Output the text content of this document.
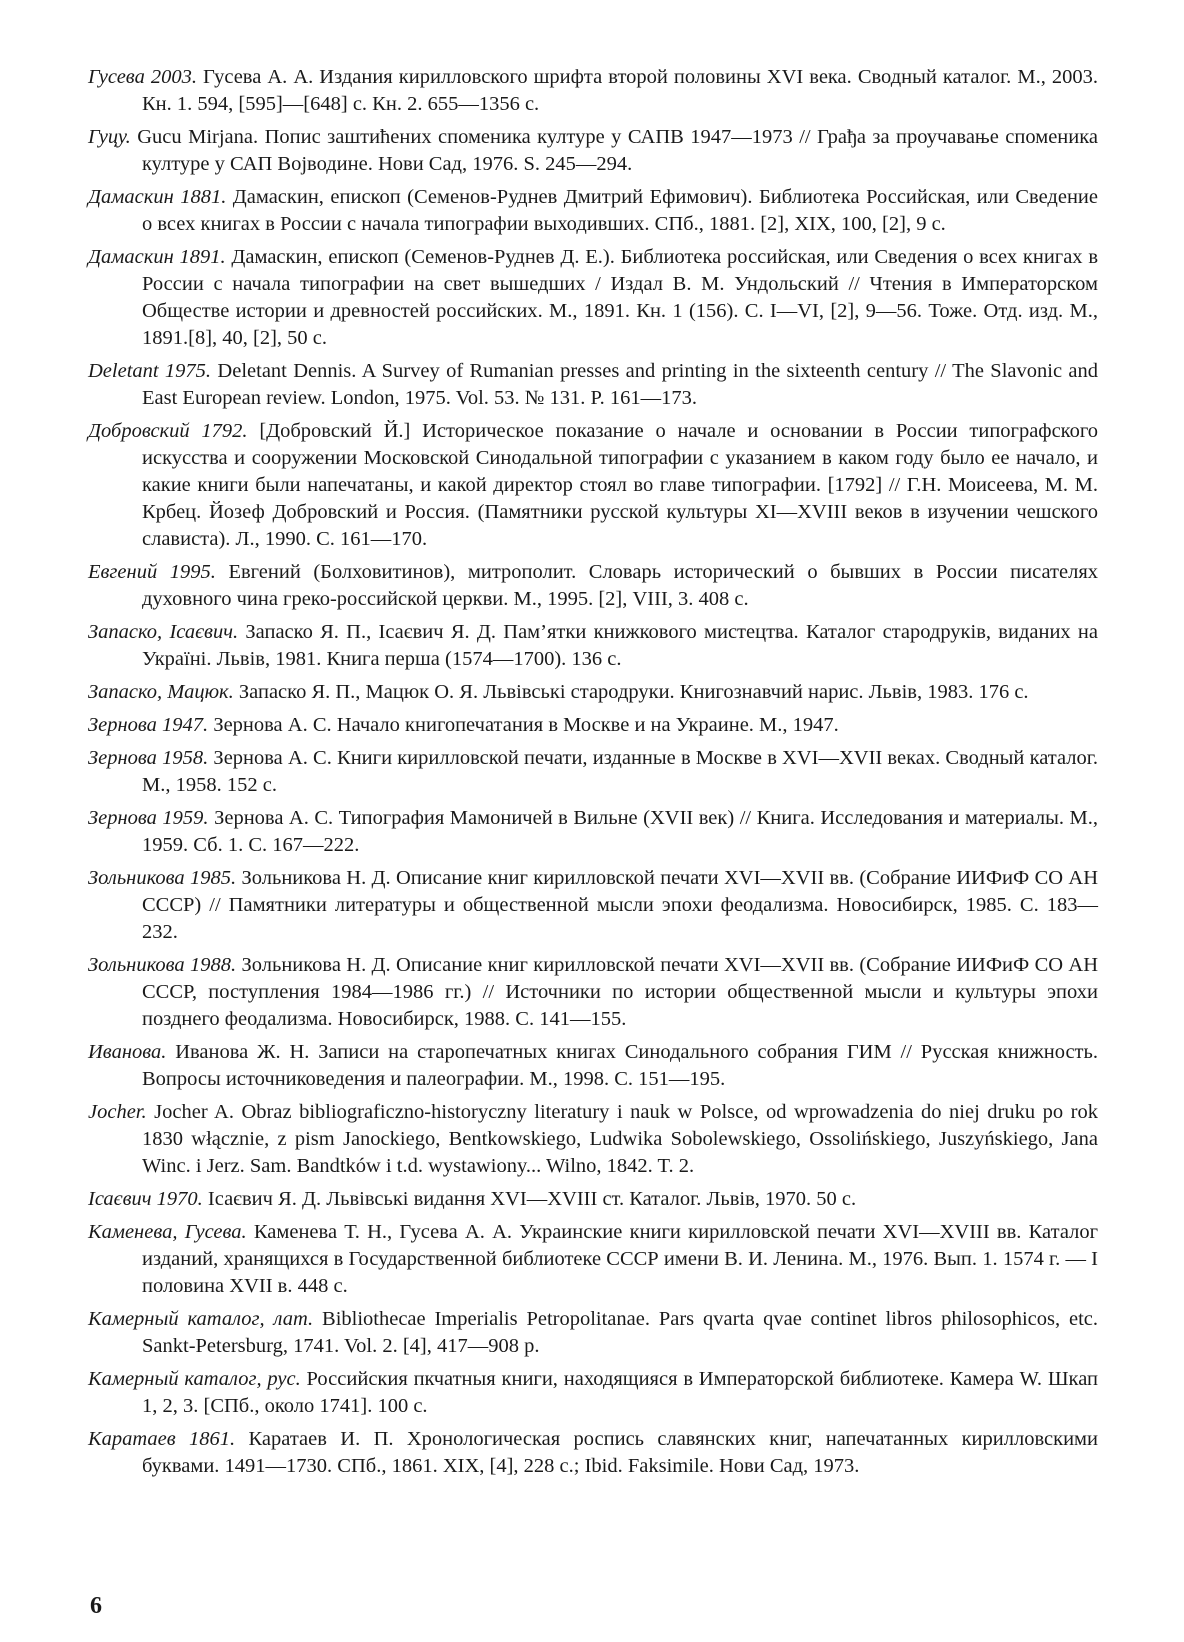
Гусева 2003. Гусева А. А. Издания кирилловского шрифта второй половины XVI века. Сводный каталог. М., 2003. Кн. 1. 594, [595]—[648] с. Кн. 2. 655—1356 с.

Гуцу. Gucu Mirjana. Попис заштићених споменика културе у САПВ 1947—1973 // Грађа за проучавање споменика културе у САП Војводине. Нови Сад, 1976. S. 245—294.

Дамаскин 1881. Дамаскин, епископ (Семенов-Руднев Дмитрий Ефимович). Библиотека Российская, или Сведение о всех книгах в России с начала типографии выходивших. СПб., 1881. [2], XIX, 100, [2], 9 с.

Дамаскин 1891. Дамаскин, епископ (Семенов-Руднев Д. Е.). Библиотека российская, или Сведения о всех книгах в России с начала типографии на свет вышедших / Издал В. М. Ундольский // Чтения в Императорском Обществе истории и древностей российских. М., 1891. Кн. 1 (156). С. I—VI, [2], 9—56. Тоже. Отд. изд. М., 1891.[8], 40, [2], 50 с.

Deletant 1975. Deletant Dennis. A Survey of Rumanian presses and printing in the sixteenth century // The Slavonic and East European review. London, 1975. Vol. 53. № 131. P. 161—173.

Добровский 1792. [Добровский Й.] Историческое показание о начале и основании в России типографского искусства и сооружении Московской Синодальной типографии с указанием в каком году было ее начало, и какие книги были напечатаны, и какой директор стоял во главе типографии. [1792] // Г.Н. Моисеева, М. М. Крбец. Йозеф Добровский и Россия. (Памятники русской культуры XI—XVIII веков в изучении чешского слависта). Л., 1990. С. 161—170.

Евгений 1995. Евгений (Болховитинов), митрополит. Словарь исторический о бывших в России писателях духовного чина греко-российской церкви. М., 1995. [2], VIII, 3. 408 с.

Запаско, Ісаєвич. Запаско Я. П., Ісаєвич Я. Д. Пам’ятки книжкового мистецтва. Каталог стародруків, виданих на Україні. Львів, 1981. Книга перша (1574—1700). 136 с.

Запаско, Мацюк. Запаско Я. П., Мацюк О. Я. Львівські стародруки. Книгознавчий нарис. Львів, 1983. 176 с.

Зернова 1947. Зернова А. С. Начало книгопечатания в Москве и на Украине. М., 1947.

Зернова 1958. Зернова А. С. Книги кирилловской печати, изданные в Москве в XVI—XVII веках. Сводный каталог. М., 1958. 152 с.

Зернова 1959. Зернова А. С. Типография Мамоничей в Вильне (XVII век) // Книга. Исследования и материалы. М., 1959. Сб. 1. С. 167—222.

Зольникова 1985. Зольникова Н. Д. Описание книг кирилловской печати XVI—XVII вв. (Собрание ИИФиФ СО АН СССР) // Памятники литературы и общественной мысли эпохи феодализма. Новосибирск, 1985. С. 183—232.

Зольникова 1988. Зольникова Н. Д. Описание книг кирилловской печати XVI—XVII вв. (Собрание ИИФиФ СО АН СССР, поступления 1984—1986 гг.) // Источники по истории общественной мысли и культуры эпохи позднего феодализма. Новосибирск, 1988. С. 141—155.

Иванова. Иванова Ж. Н. Записи на старопечатных книгах Синодального собрания ГИМ // Русская книжность. Вопросы источниковедения и палеографии. М., 1998. С. 151—195.

Jocher. Jocher A. Obraz bibliograficzno-historyczny literatury i nauk w Polsce, od wprowadzenia do niej druku po rok 1830 włącznie, z pism Janockiego, Bentkowskiego, Ludwika Sobolewskiego, Ossolińskiego, Juszyńskiego, Jana Winc. i Jerz. Sam. Bandtków i t.d. wystawiony... Wilno, 1842. T. 2.

Ісаєвич 1970. Ісаєвич Я. Д. Львівські видання XVI—XVIII ст. Каталог. Львів, 1970. 50 с.

Каменева, Гусева. Каменева Т. Н., Гусева А. А. Украинские книги кирилловской печати XVI—XVIII вв. Каталог изданий, хранящихся в Государственной библиотеке СССР имени В. И. Ленина. М., 1976. Вып. 1. 1574 г. — I половина XVII в. 448 с.

Камерный каталог, лат. Bibliothecae Imperialis Petropolitanae. Pars qvarta qvae continet libros philosophicos, etc. Sankt-Petersburg, 1741. Vol. 2. [4], 417—908 p.

Камерный каталог, рус. Российския пкчатныя книги, находящияся в Императорской библиотеке. Камера W. Шкап 1, 2, 3. [СПб., около 1741]. 100 с.

Каратаев 1861. Каратаев И. П. Хронологическая роспись славянских книг, напечатанных кирилловскими буквами. 1491—1730. СПб., 1861. XIX, [4], 228 с.; Ibid. Faksimile. Нови Сад, 1973.

6
